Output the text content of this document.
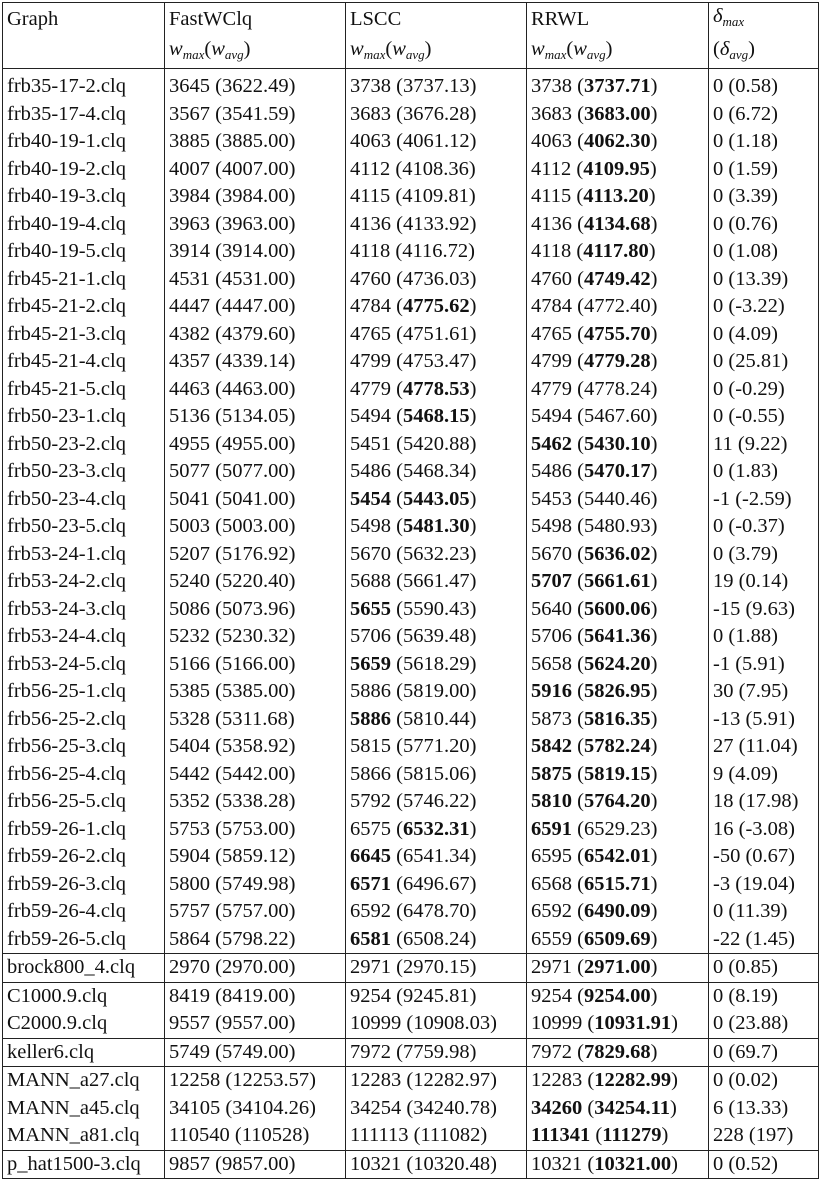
Graph	FastWClq	LSCC	RRWL	$\delta_{max}$
	$w_{max}(w_{avg})$	$w_{max}(w_{avg})$	$w_{max}(w_{avg})$	$(\delta_{avg})$

frb35-17-2.clq	3645 (3622.49)	3738 (3737.13)	3738 (3737.71)	0 (0.58)
frb35-17-4.clq	3567 (3541.59)	3683 (3676.28)	3683 (3683.00)	0 (6.72)
frb40-19-1.clq	3885 (3885.00)	4063 (4061.12)	4063 (4062.30)	0 (1.18)
frb40-19-2.clq	4007 (4007.00)	4112 (4108.36)	4112 (4109.95)	0 (1.59)
frb40-19-3.clq	3984 (3984.00)	4115 (4109.81)	4115 (4113.20)	0 (3.39)
frb40-19-4.clq	3963 (3963.00)	4136 (4133.92)	4136 (4134.68)	0 (0.76)
frb40-19-5.clq	3914 (3914.00)	4118 (4116.72)	4118 (4117.80)	0 (1.08)
frb45-21-1.clq	4531 (4531.00)	4760 (4736.03)	4760 (4749.42)	0 (13.39)
frb45-21-2.clq	4447 (4447.00)	4784 (4775.62)	4784 (4772.40)	0 (-3.22)
frb45-21-3.clq	4382 (4379.60)	4765 (4751.61)	4765 (4755.70)	0 (4.09)
frb45-21-4.clq	4357 (4339.14)	4799 (4753.47)	4799 (4779.28)	0 (25.81)
frb45-21-5.clq	4463 (4463.00)	4779 (4778.53)	4779 (4778.24)	0 (-0.29)
frb50-23-1.clq	5136 (5134.05)	5494 (5468.15)	5494 (5467.60)	0 (-0.55)
frb50-23-2.clq	4955 (4955.00)	5451 (5420.88)	5462 (5430.10)	11 (9.22)
frb50-23-3.clq	5077 (5077.00)	5486 (5468.34)	5486 (5470.17)	0 (1.83)
frb50-23-4.clq	5041 (5041.00)	5454 (5443.05)	5453 (5440.46)	-1 (-2.59)
frb50-23-5.clq	5003 (5003.00)	5498 (5481.30)	5498 (5480.93)	0 (-0.37)
frb53-24-1.clq	5207 (5176.92)	5670 (5632.23)	5670 (5636.02)	0 (3.79)
frb53-24-2.clq	5240 (5220.40)	5688 (5661.47)	5707 (5661.61)	19 (0.14)
frb53-24-3.clq	5086 (5073.96)	5655 (5590.43)	5640 (5600.06)	-15 (9.63)
frb53-24-4.clq	5232 (5230.32)	5706 (5639.48)	5706 (5641.36)	0 (1.88)
frb53-24-5.clq	5166 (5166.00)	5659 (5618.29)	5658 (5624.20)	-1 (5.91)
frb56-25-1.clq	5385 (5385.00)	5886 (5819.00)	5916 (5826.95)	30 (7.95)
frb56-25-2.clq	5328 (5311.68)	5886 (5810.44)	5873 (5816.35)	-13 (5.91)
frb56-25-3.clq	5404 (5358.92)	5815 (5771.20)	5842 (5782.24)	27 (11.04)
frb56-25-4.clq	5442 (5442.00)	5866 (5815.06)	5875 (5819.15)	9 (4.09)
frb56-25-5.clq	5352 (5338.28)	5792 (5746.22)	5810 (5764.20)	18 (17.98)
frb59-26-1.clq	5753 (5753.00)	6575 (6532.31)	6591 (6529.23)	16 (-3.08)
frb59-26-2.clq	5904 (5859.12)	6645 (6541.34)	6595 (6542.01)	-50 (0.67)
frb59-26-3.clq	5800 (5749.98)	6571 (6496.67)	6568 (6515.71)	-3 (19.04)
frb59-26-4.clq	5757 (5757.00)	6592 (6478.70)	6592 (6490.09)	0 (11.39)
frb59-26-5.clq	5864 (5798.22)	6581 (6508.24)	6559 (6509.69)	-22 (1.45)
brock800_4.clq	2970 (2970.00)	2971 (2970.15)	2971 (2971.00)	0 (0.85)
C1000.9.clq	8419 (8419.00)	9254 (9245.81)	9254 (9254.00)	0 (8.19)
C2000.9.clq	9557 (9557.00)	10999 (10908.03)	10999 (10931.91)	0 (23.88)
keller6.clq	5749 (5749.00)	7972 (7759.98)	7972 (7829.68)	0 (69.7)
MANN_a27.clq	12258 (12253.57)	12283 (12282.97)	12283 (12282.99)	0 (0.02)
MANN_a45.clq	34105 (34104.26)	34254 (34240.78)	34260 (34254.11)	6 (13.33)
MANN_a81.clq	110540 (110528)	111113 (111082)	111341 (111279)	228 (197)
p_hat1500-3.clq	9857 (9857.00)	10321 (10320.48)	10321 (10321.00)	0 (0.52)
